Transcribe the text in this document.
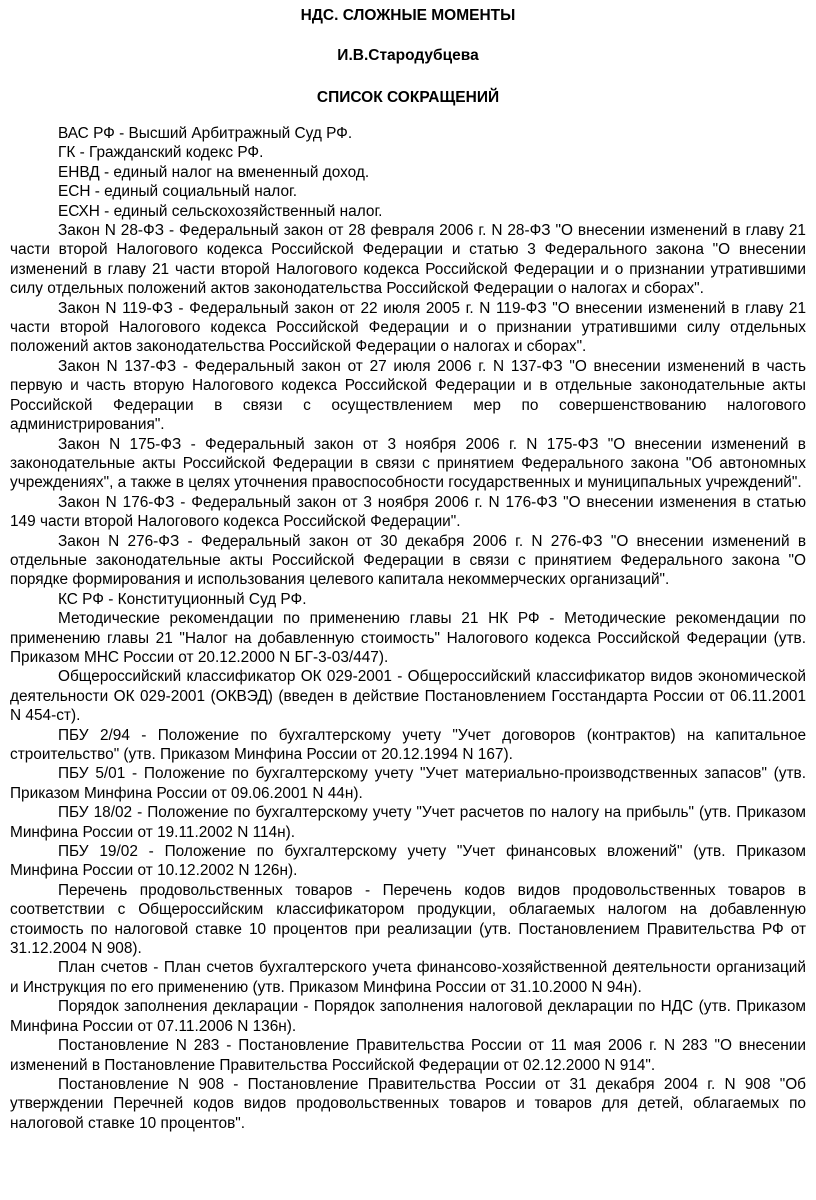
НДС. СЛОЖНЫЕ МОМЕНТЫ
И.В.Стародубцева
СПИСОК СОКРАЩЕНИЙ

ВАС РФ - Высший Арбитражный Суд РФ.

ГК - Гражданский кодекс РФ.

ЕНВД - единый налог на вмененный доход.

ЕСН - единый социальный налог.

ЕСХН - единый сельскохозяйственный налог.

Закон N 28-ФЗ - Федеральный закон от 28 февраля 2006 г. N 28-ФЗ "О внесении изменений в главу 21 части второй Налогового кодекса Российской Федерации и статью 3 Федерального закона "О внесении изменений в главу 21 части второй Налогового кодекса Российской Федерации и о признании утратившими силу отдельных положений актов законодательства Российской Федерации о налогах и сборах".

Закон N 119-ФЗ - Федеральный закон от 22 июля 2005 г. N 119-ФЗ "О внесении изменений в главу 21 части второй Налогового кодекса Российской Федерации и о признании утратившими силу отдельных положений актов законодательства Российской Федерации о налогах и сборах".

Закон N 137-ФЗ - Федеральный закон от 27 июля 2006 г. N 137-ФЗ "О внесении изменений в часть первую и часть вторую Налогового кодекса Российской Федерации и в отдельные законодательные акты Российской Федерации в связи с осуществлением мер по совершенствованию налогового администрирования".

Закон N 175-ФЗ - Федеральный закон от 3 ноября 2006 г. N 175-ФЗ "О внесении изменений в законодательные акты Российской Федерации в связи с принятием Федерального закона "Об автономных учреждениях", а также в целях уточнения правоспособности государственных и муниципальных учреждений".

Закон N 176-ФЗ - Федеральный закон от 3 ноября 2006 г. N 176-ФЗ "О внесении изменения в статью 149 части второй Налогового кодекса Российской Федерации".

Закон N 276-ФЗ - Федеральный закон от 30 декабря 2006 г. N 276-ФЗ "О внесении изменений в отдельные законодательные акты Российской Федерации в связи с принятием Федерального закона "О порядке формирования и использования целевого капитала некоммерческих организаций".

КС РФ - Конституционный Суд РФ.

Методические рекомендации по применению главы 21 НК РФ - Методические рекомендации по применению главы 21 "Налог на добавленную стоимость" Налогового кодекса Российской Федерации (утв. Приказом МНС России от 20.12.2000 N БГ-3-03/447).

Общероссийский классификатор ОК 029-2001 - Общероссийский классификатор видов экономической деятельности ОК 029-2001 (ОКВЭД) (введен в действие Постановлением Госстандарта России от 06.11.2001 N 454-ст).

ПБУ 2/94 - Положение по бухгалтерскому учету "Учет договоров (контрактов) на капитальное строительство" (утв. Приказом Минфина России от 20.12.1994 N 167).

ПБУ 5/01 - Положение по бухгалтерскому учету "Учет материально-производственных запасов" (утв. Приказом Минфина России от 09.06.2001 N 44н).

ПБУ 18/02 - Положение по бухгалтерскому учету "Учет расчетов по налогу на прибыль" (утв. Приказом Минфина России от 19.11.2002 N 114н).

ПБУ 19/02 - Положение по бухгалтерскому учету "Учет финансовых вложений" (утв. Приказом Минфина России от 10.12.2002 N 126н).

Перечень продовольственных товаров - Перечень кодов видов продовольственных товаров в соответствии с Общероссийским классификатором продукции, облагаемых налогом на добавленную стоимость по налоговой ставке 10 процентов при реализации (утв. Постановлением Правительства РФ от 31.12.2004 N 908).

План счетов - План счетов бухгалтерского учета финансово-хозяйственной деятельности организаций и Инструкция по его применению (утв. Приказом Минфина России от 31.10.2000 N 94н).

Порядок заполнения декларации - Порядок заполнения налоговой декларации по НДС (утв. Приказом Минфина России от 07.11.2006 N 136н).

Постановление N 283 - Постановление Правительства России от 11 мая 2006 г. N 283 "О внесении изменений в Постановление Правительства Российской Федерации от 02.12.2000 N 914".

Постановление N 908 - Постановление Правительства России от 31 декабря 2004 г. N 908 "Об утверждении Перечней кодов видов продовольственных товаров и товаров для детей, облагаемых по налоговой ставке 10 процентов".
